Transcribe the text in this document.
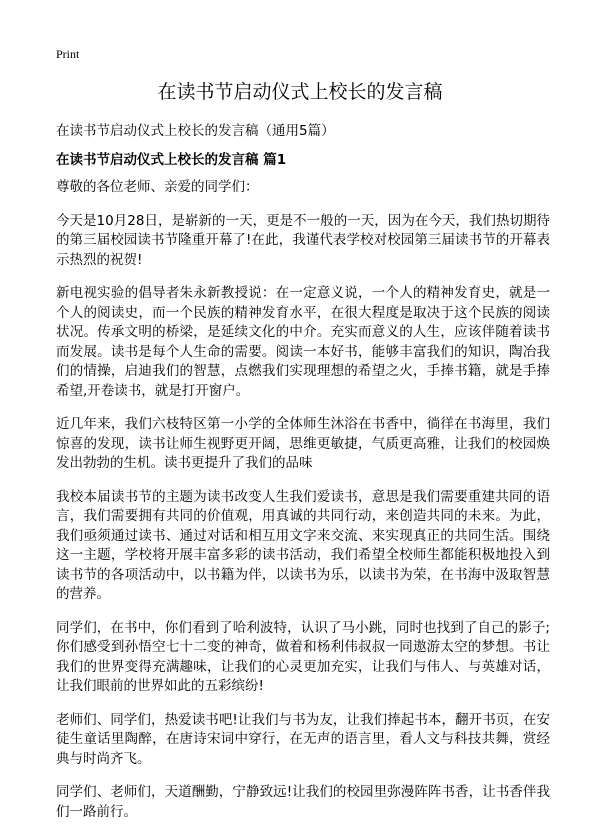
Print
在读书节启动仪式上校长的发言稿
在读书节启动仪式上校长的发言稿（通用5篇）
在读书节启动仪式上校长的发言稿 篇1

尊敬的各位老师、亲爱的同学们：

今天是10月28日，是崭新的一天，更是不一般的一天，因为在今天，我们热切期待的第三届校园读书节隆重开幕了!在此，我谨代表学校对校园第三届读书节的开幕表示热烈的祝贺!

新电视实验的倡导者朱永新教授说：在一定意义说，一个人的精神发育史，就是一个人的阅读史，而一个民族的精神发育水平，在很大程度是取决于这个民族的阅读状况。传承文明的桥梁，是延续文化的中介。充实而意义的人生，应该伴随着读书而发展。读书是每个人生命的需要。阅读一本好书，能够丰富我们的知识，陶冶我们的情操，启迪我们的智慧，点燃我们实现理想的希望之火，手捧书籍，就是手捧希望,开卷读书，就是打开窗户。

近几年来，我们六枝特区第一小学的全体师生沐浴在书香中，徜徉在书海里，我们惊喜的发现，读书让师生视野更开阔，思维更敏捷，气质更高雅，让我们的校园焕发出勃勃的生机。读书更提升了我们的品味

我校本届读书节的主题为读书改变人生我们爱读书，意思是我们需要重建共同的语言，我们需要拥有共同的价值观，用真诚的共同行动，来创造共同的未来。为此，我们亟须通过读书、通过对话和相互用文字来交流、来实现真正的共同生活。围绕这一主题，学校将开展丰富多彩的读书活动，我们希望全校师生都能积极地投入到读书节的各项活动中，以书籍为伴，以读书为乐，以读书为荣，在书海中汲取智慧的营养。

同学们，在书中，你们看到了哈利波特，认识了马小跳，同时也找到了自己的影子;你们感受到孙悟空七十二变的神奇，做着和杨利伟叔叔一同遨游太空的梦想。书让我们的世界变得充满趣味，让我们的心灵更加充实，让我们与伟人、与英雄对话，让我们眼前的世界如此的五彩缤纷!

老师们、同学们，热爱读书吧!让我们与书为友，让我们捧起书本，翻开书页，在安徒生童话里陶醉，在唐诗宋词中穿行，在无声的语言里，看人文与科技共舞，赏经典与时尚齐飞。

同学们、老师们，天道酬勤，宁静致远!让我们的校园里弥漫阵阵书香，让书香伴我们一路前行。
